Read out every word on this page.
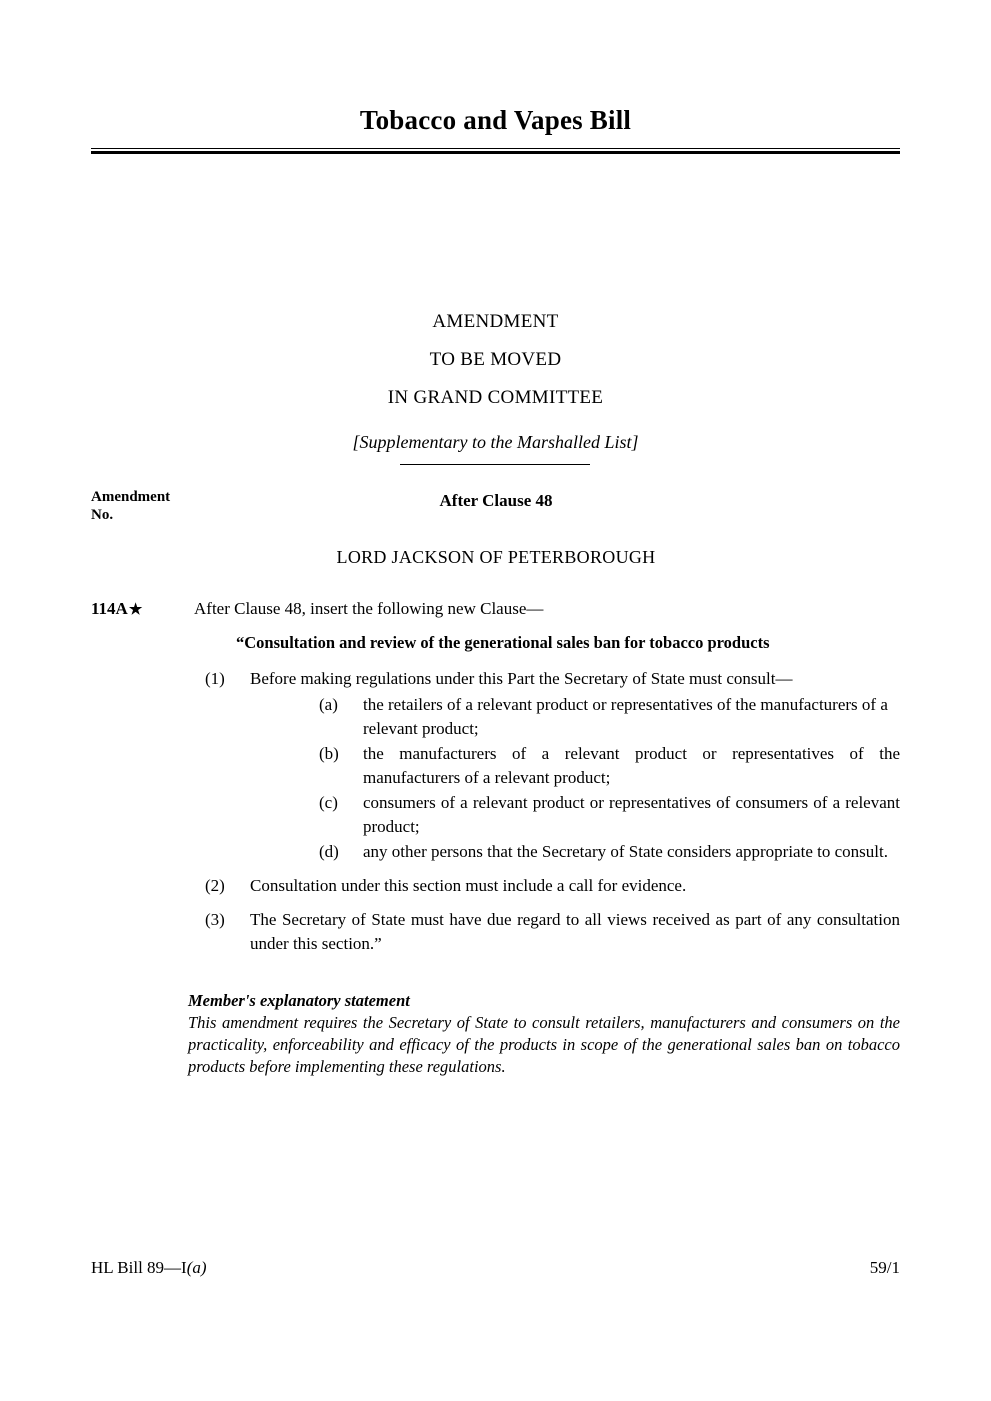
Tobacco and Vapes Bill
AMENDMENT
TO BE MOVED
IN GRAND COMMITTEE
[Supplementary to the Marshalled List]
Amendment
No.
After Clause 48
LORD JACKSON OF PETERBOROUGH
114A★	After Clause 48, insert the following new Clause—
“Consultation and review of the generational sales ban for tobacco products
(1)	Before making regulations under this Part the Secretary of State must consult—
(a)	the retailers of a relevant product or representatives of the manufacturers of a relevant product;
(b)	the manufacturers of a relevant product or representatives of the manufacturers of a relevant product;
(c)	consumers of a relevant product or representatives of consumers of a relevant product;
(d)	any other persons that the Secretary of State considers appropriate to consult.
(2)	Consultation under this section must include a call for evidence.
(3)	The Secretary of State must have due regard to all views received as part of any consultation under this section.”
Member's explanatory statement
This amendment requires the Secretary of State to consult retailers, manufacturers and consumers on the practicality, enforceability and efficacy of the products in scope of the generational sales ban on tobacco products before implementing these regulations.
HL Bill 89—I(a)	59/1
